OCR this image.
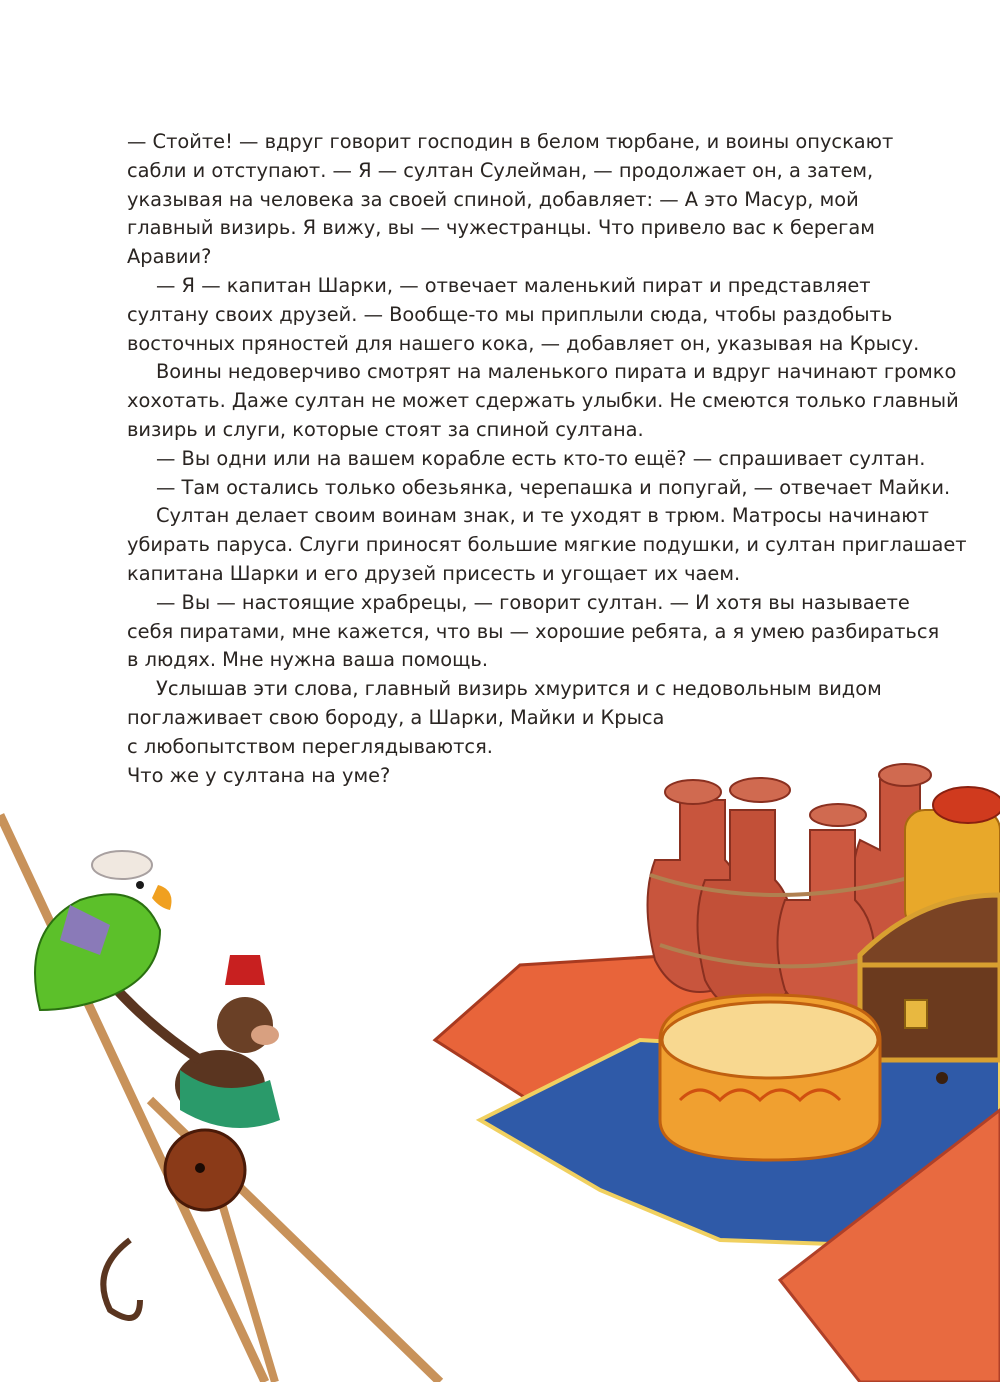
— Стойте! — вдруг говорит господин в белом тюрбане, и воины опускают
сабли и отступают. — Я — султан Сулейман, — продолжает он, а затем,
указывая на человека за своей спиной, добавляет: — А это Масур, мой
главный визирь. Я вижу, вы — чужестранцы. Что привело вас к берегам
Аравии?
— Я — капитан Шарки, — отвечает маленький пират и представляет
султану своих друзей. — Вообще-то мы приплыли сюда, чтобы раздобыть
восточных пряностей для нашего кока, — добавляет он, указывая на Крысу.
Воины недоверчиво смотрят на маленького пирата и вдруг начинают громко
хохотать. Даже султан не может сдержать улыбки. Не смеются только главный
визирь и слуги, которые стоят за спиной султана.
— Вы одни или на вашем корабле есть кто-то ещё? — спрашивает султан.
— Там остались только обезьянка, черепашка и попугай, — отвечает Майки.
Султан делает своим воинам знак, и те уходят в трюм. Матросы начинают
убирать паруса. Слуги приносят большие мягкие подушки, и султан приглашает
капитана Шарки и его друзей присесть и угощает их чаем.
— Вы — настоящие храбрецы, — говорит султан. — И хотя вы называете
себя пиратами, мне кажется, что вы — хорошие ребята, а я умею разбираться
в людях. Мне нужна ваша помощь.
Услышав эти слова, главный визирь хмурится и с недовольным видом
поглаживает свою бороду, а Шарки, Майки и Крыса
с любопытством переглядываются.
Что же у султана на уме?
